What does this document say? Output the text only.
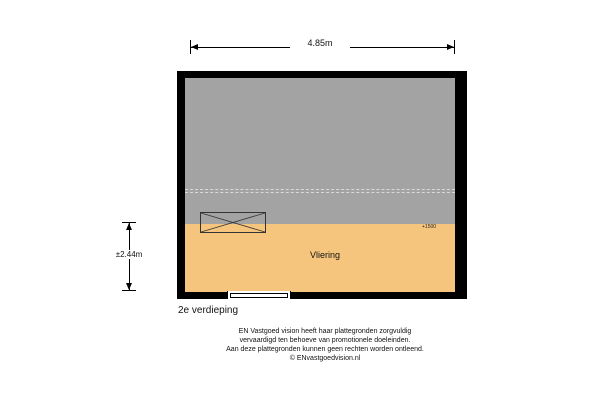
4.85m
±2.44m
+1500
Vliering
2e verdieping
EN Vastgoed vision heeft haar plattegronden zorgvuldig
vervaardigd ten behoeve van promotionele doeleinden.
Aan deze plattegronden kunnen geen rechten worden ontleend.
© ENvastgoedvision.nl
